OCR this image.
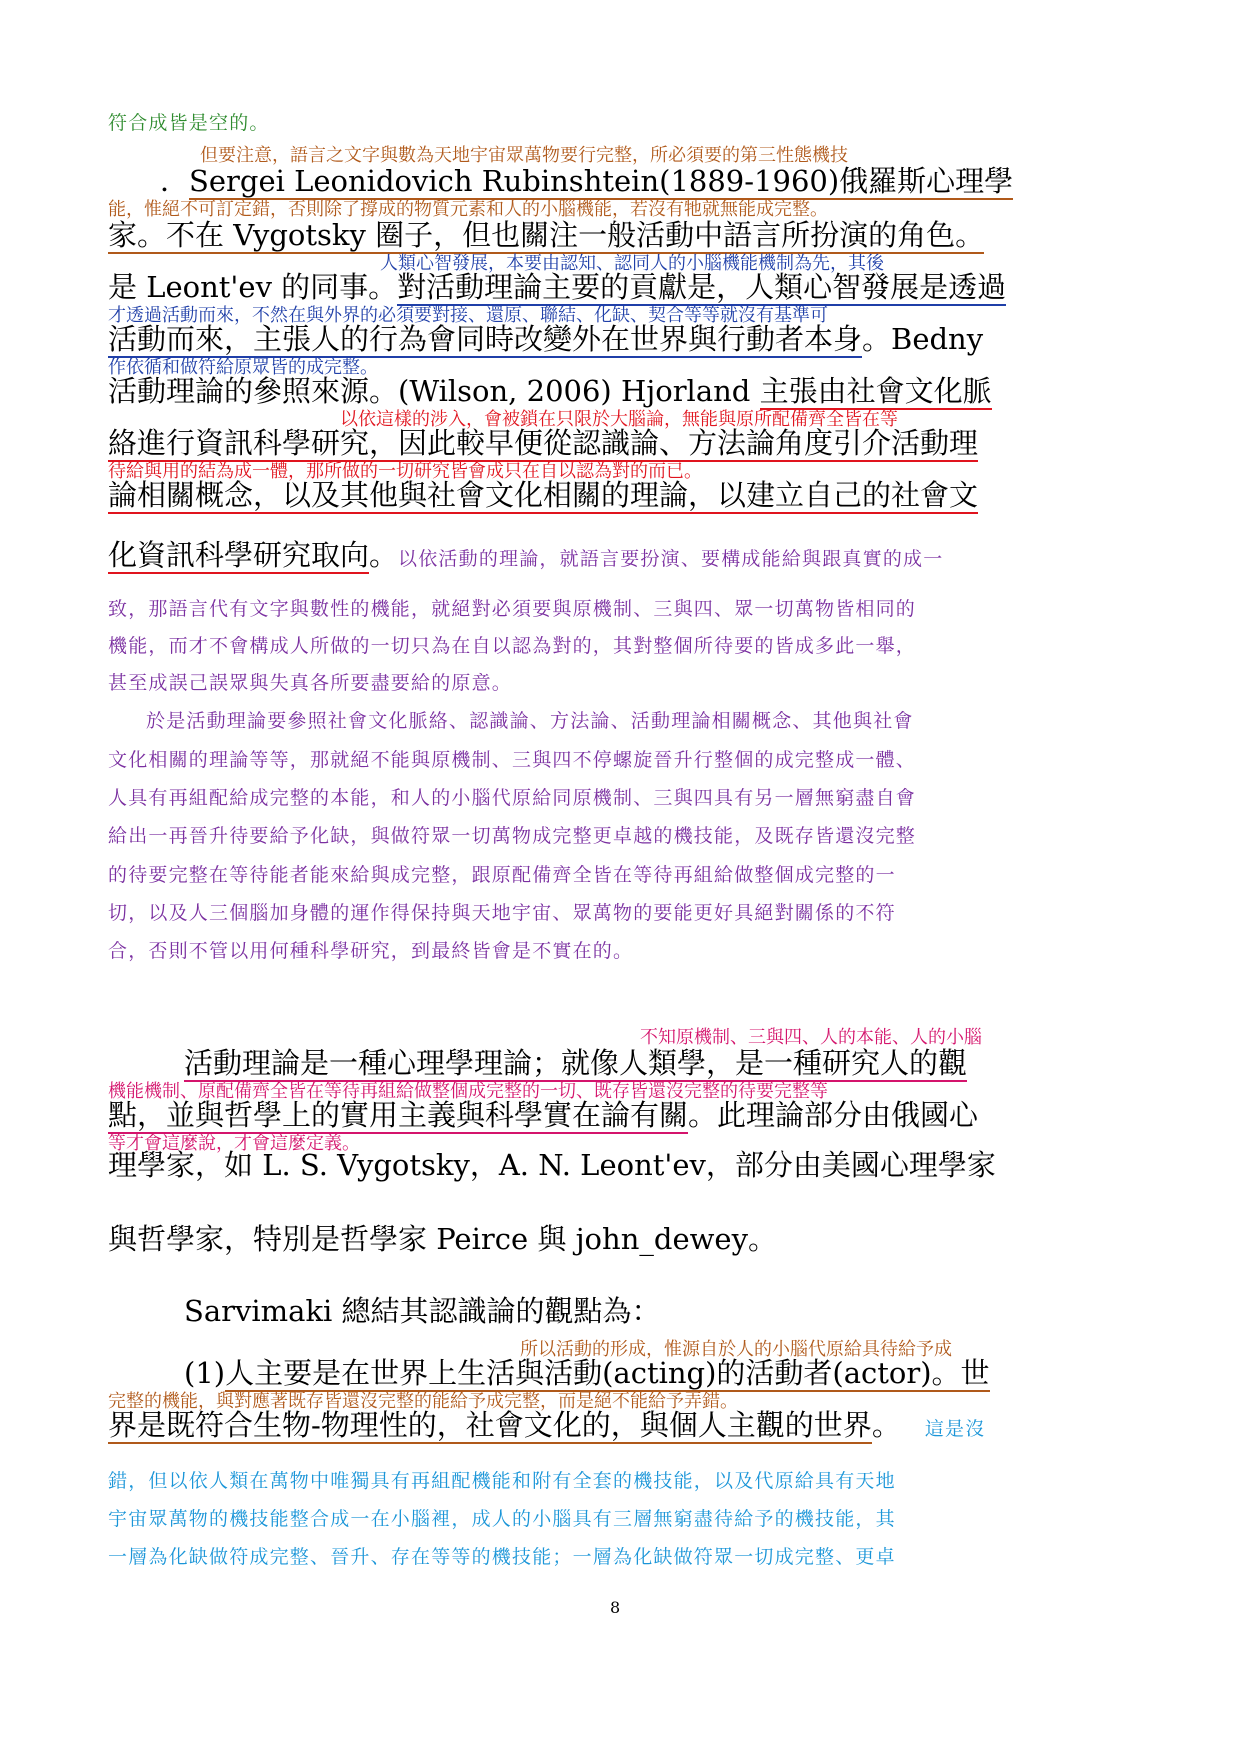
符合成皆是空的。
但要注意，語言之文字與數為天地宇宙眾萬物要行完整，所必須要的第三性態機技
．Sergei Leonidovich Rubinshtein(1889-1960)俄羅斯心理學
能，惟絕不可訂定錯，否則除了撐成的物質元素和人的小腦機能，若沒有牠就無能成完整。
家。不在 Vygotsky 圈子，但也關注一般活動中語言所扮演的角色。
人類心智發展，本要由認知、認同人的小腦機能機制為先，其後
是 Leont'ev 的同事。對活動理論主要的貢獻是，人類心智發展是透過
才透過活動而來，不然在與外界的必須要對接、還原、聯結、化缺、契合等等就沒有基準可
活動而來，主張人的行為會同時改變外在世界與行動者本身。Bedny
作依循和做符給原眾皆的成完整。
活動理論的參照來源。(Wilson, 2006) Hjorland 主張由社會文化脈
以依這樣的涉入，會被鎖在只限於大腦論，無能與原所配備齊全皆在等
絡進行資訊科學研究，因此較早便從認識論、方法論角度引介活動理
待給與用的結為成一體，那所做的一切研究皆會成只在自以認為對的而已。
論相關概念，以及其他與社會文化相關的理論，以建立自己的社會文
化資訊科學研究取向。以依活動的理論，就語言要扮演、要構成能給與跟真實的成一
致，那語言代有文字與數性的機能，就絕對必須要與原機制、三與四、眾一切萬物皆相同的
機能，而才不會構成人所做的一切只為在自以認為對的，其對整個所待要的皆成多此一舉，
甚至成誤己誤眾與失真各所要盡要給的原意。
於是活動理論要參照社會文化脈絡、認識論、方法論、活動理論相關概念、其他與社會
文化相關的理論等等，那就絕不能與原機制、三與四不停螺旋晉升行整個的成完整成一體、
人具有再組配給成完整的本能，和人的小腦代原給同原機制、三與四具有另一層無窮盡自會
給出一再晉升待要給予化缺，與做符眾一切萬物成完整更卓越的機技能，及既存皆還沒完整
的待要完整在等待能者能來給與成完整，跟原配備齊全皆在等待再組給做整個成完整的一
切，以及人三個腦加身體的運作得保持與天地宇宙、眾萬物的要能更好具絕對關係的不符
合，否則不管以用何種科學研究，到最終皆會是不實在的。
不知原機制、三與四、人的本能、人的小腦
活動理論是一種心理學理論；就像人類學，是一種研究人的觀
機能機制、原配備齊全皆在等待再組給做整個成完整的一切、既存皆還沒完整的待要完整等
點，並與哲學上的實用主義與科學實在論有關。此理論部分由俄國心
等才會這麼說，才會這麼定義。
理學家，如 L. S. Vygotsky，A. N. Leont'ev，部分由美國心理學家
與哲學家，特別是哲學家 Peirce 與 john_dewey。
Sarvimaki 總結其認識論的觀點為：
所以活動的形成，惟源自於人的小腦代原給具待給予成
(1)人主要是在世界上生活與活動(acting)的活動者(actor)。世
完整的機能，與對應著既存皆還沒完整的能給予成完整，而是絕不能給予弄錯。
界是既符合生物-物理性的，社會文化的，與個人主觀的世界。 這是沒
錯，但以依人類在萬物中唯獨具有再組配機能和附有全套的機技能，以及代原給具有天地
宇宙眾萬物的機技能整合成一在小腦裡，成人的小腦具有三層無窮盡待給予的機技能，其
一層為化缺做符成完整、晉升、存在等等的機技能；一層為化缺做符眾一切成完整、更卓
8
